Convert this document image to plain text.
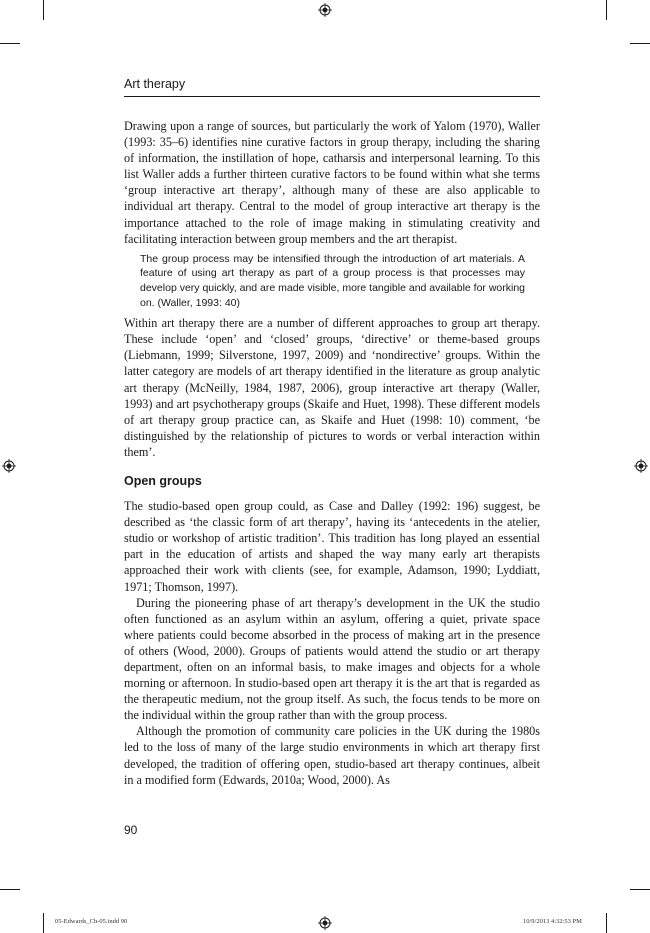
Art therapy

Drawing upon a range of sources, but particularly the work of Yalom (1970), Waller (1993: 35–6) identifies nine curative factors in group therapy, including the sharing of information, the instillation of hope, catharsis and interpersonal learning. To this list Waller adds a further thirteen curative factors to be found within what she terms ‘group interactive art therapy’, although many of these are also applicable to individual art therapy. Central to the model of group interactive art therapy is the importance attached to the role of image making in stimulating creativity and facilitating interaction between group members and the art therapist.

The group process may be intensified through the introduction of art materials. A feature of using art therapy as part of a group process is that processes may develop very quickly, and are made visible, more tangible and available for working on. (Waller, 1993: 40)

Within art therapy there are a number of different approaches to group art therapy. These include ‘open’ and ‘closed’ groups, ‘directive’ or theme-based groups (Liebmann, 1999; Silverstone, 1997, 2009) and ‘nondirective’ groups. Within the latter category are models of art therapy identified in the literature as group analytic art therapy (McNeilly, 1984, 1987, 2006), group interactive art therapy (Waller, 1993) and art psychotherapy groups (Skaife and Huet, 1998). These different models of art therapy group practice can, as Skaife and Huet (1998: 10) comment, ‘be distinguished by the relationship of pictures to words or verbal interaction within them’.

Open groups

The studio-based open group could, as Case and Dalley (1992: 196) suggest, be described as ‘the classic form of art therapy’, having its ‘antecedents in the atelier, studio or workshop of artistic tradition’. This tradition has long played an essential part in the education of artists and shaped the way many early art therapists approached their work with clients (see, for example, Adamson, 1990; Lyddiatt, 1971; Thomson, 1997).

During the pioneering phase of art therapy’s development in the UK the studio often functioned as an asylum within an asylum, offering a quiet, private space where patients could become absorbed in the process of making art in the presence of others (Wood, 2000). Groups of patients would attend the studio or art therapy department, often on an informal basis, to make images and objects for a whole morning or afternoon. In studio-based open art therapy it is the art that is regarded as the therapeutic medium, not the group itself. As such, the focus tends to be more on the individual within the group rather than with the group process.

Although the promotion of community care policies in the UK during the 1980s led to the loss of many of the large studio environments in which art therapy first developed, the tradition of offering open, studio-based art therapy continues, albeit in a modified form (Edwards, 2010a; Wood, 2000). As

90
05-Edwards_Ch-05.indd 90	10/9/2013 4:32:53 PM
